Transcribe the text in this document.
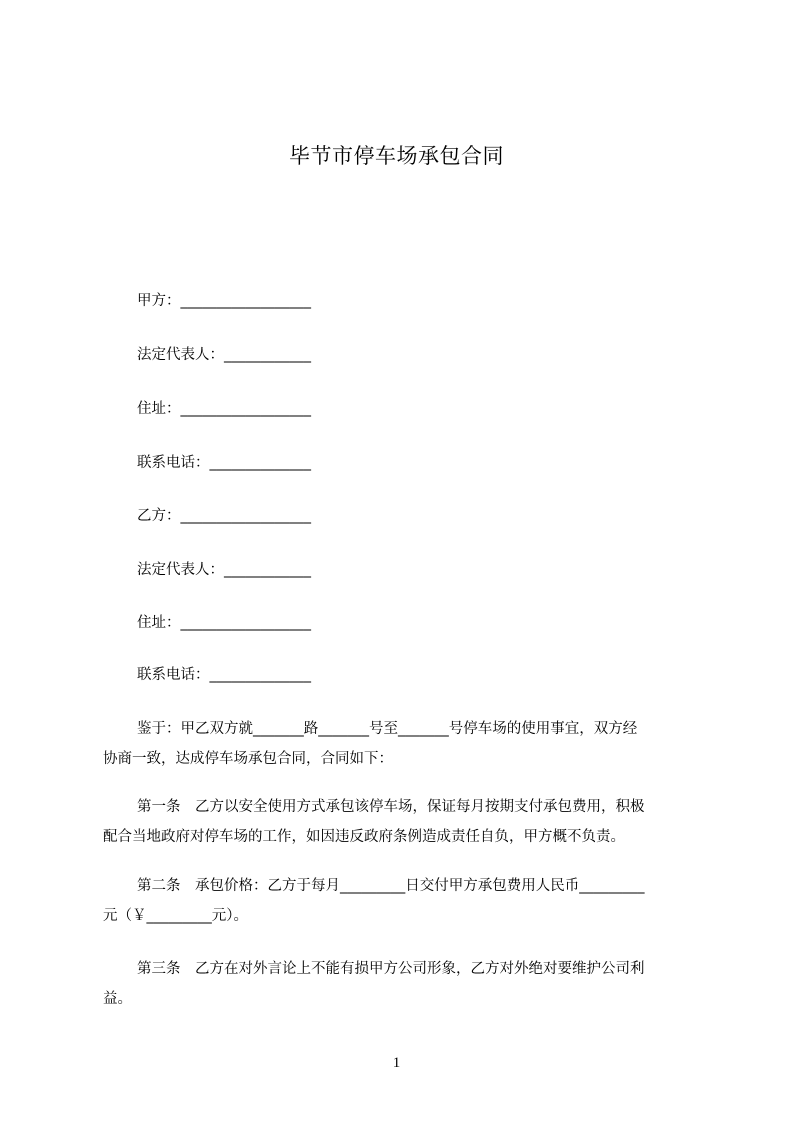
毕节市停车场承包合同
甲方：__________________
法定代表人：____________
住址：__________________
联系电话：______________
乙方：__________________
法定代表人：____________
住址：__________________
联系电话：______________
鉴于：甲乙双方就_______路_______号至_______号停车场的使用事宜，双方经
协商一致，达成停车场承包合同，合同如下：
第一条　乙方以安全使用方式承包该停车场，保证每月按期支付承包费用，积极
配合当地政府对停车场的工作，如因违反政府条例造成责任自负，甲方概不负责。
第二条　承包价格：乙方于每月_________日交付甲方承包费用人民币_________
元（￥_________元）。
第三条　乙方在对外言论上不能有损甲方公司形象，乙方对外绝对要维护公司利
益。
1
